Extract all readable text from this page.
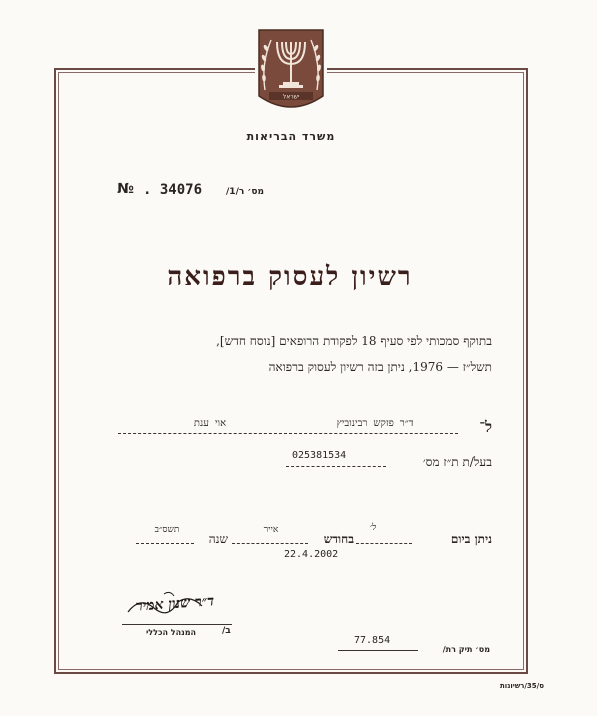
ישראל
משרד הבריאות
№ . 34076	מס׳ ר/1/
רשיון לעסוק ברפואה
בתוקף סמכותי לפי סעיף 18 לפקודת הרופאים [נוסח חדש],
תשל״ז — 1976, ניתן בזה רשיון לעסוק ברפואה
ל־
ד״ר פזקש רבינוביץ
אוי ענת
025381534	בעל/ת ת״ז מס׳
ניתן ביום
ל׳
בחודש
אייר
שנה
תשס״ב
22.4.2002
ד״ר שנון אמיר
המנהל הכללי	ב/
77.854
מס׳ תיק רת/
ס/35/רשיונות
